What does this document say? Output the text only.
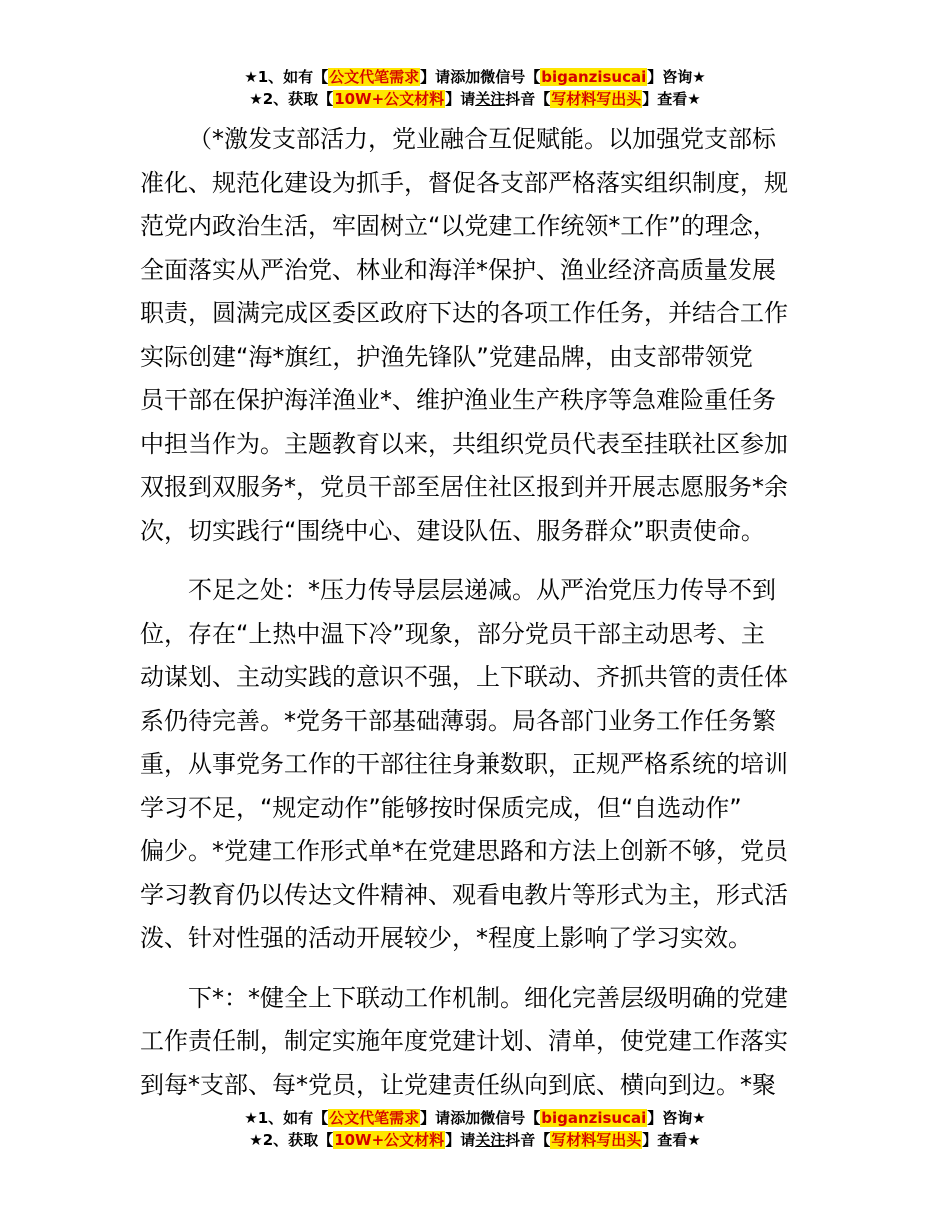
★1、如有【公文代笔需求】请添加微信号【biganzisucai】咨询★
★2、获取【10W+公文材料】请关注抖音【写材料写出头】查看★
（*激发支部活力，党业融合互促赋能。以加强党支部标
准化、规范化建设为抓手，督促各支部严格落实组织制度，规
范党内政治生活，牢固树立“以党建工作统领*工作”的理念，
全面落实从严治党、林业和海洋*保护、渔业经济高质量发展
职责，圆满完成区委区政府下达的各项工作任务，并结合工作
实际创建“海*旗红，护渔先锋队”党建品牌，由支部带领党
员干部在保护海洋渔业*、维护渔业生产秩序等急难险重任务
中担当作为。主题教育以来，共组织党员代表至挂联社区参加
双报到双服务*，党员干部至居住社区报到并开展志愿服务*余
次，切实践行“围绕中心、建设队伍、服务群众”职责使命。
不足之处：*压力传导层层递减。从严治党压力传导不到
位，存在“上热中温下冷”现象，部分党员干部主动思考、主
动谋划、主动实践的意识不强，上下联动、齐抓共管的责任体
系仍待完善。*党务干部基础薄弱。局各部门业务工作任务繁
重，从事党务工作的干部往往身兼数职，正规严格系统的培训
学习不足，“规定动作”能够按时保质完成，但“自选动作”
偏少。*党建工作形式单*在党建思路和方法上创新不够，党员
学习教育仍以传达文件精神、观看电教片等形式为主，形式活
泼、针对性强的活动开展较少，*程度上影响了学习实效。
下*：*健全上下联动工作机制。细化完善层级明确的党建
工作责任制，制定实施年度党建计划、清单，使党建工作落实
到每*支部、每*党员，让党建责任纵向到底、横向到边。*聚
★1、如有【公文代笔需求】请添加微信号【biganzisucai】咨询★
★2、获取【10W+公文材料】请关注抖音【写材料写出头】查看★
